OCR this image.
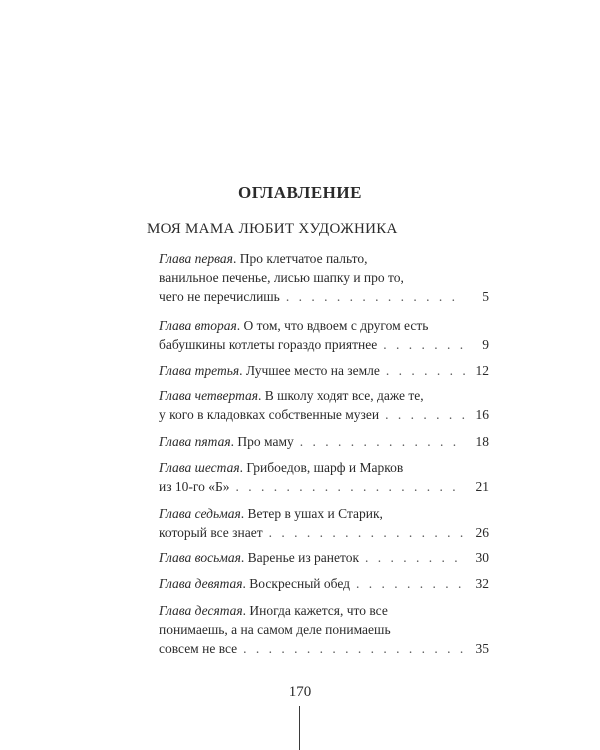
ОГЛАВЛЕНИЕ
МОЯ МАМА ЛЮБИТ ХУДОЖНИКА
Глава первая. Про клетчатое пальто,
ванильное печенье, лисью шапку и про то,
чего не перечислишь . . .	5
Глава вторая. О том, что вдвоем с другом есть
бабушкины котлеты гораздо приятнее . . .	9
Глава третья. Лучшее место на земле . . .	12
Глава четвертая. В школу ходят все, даже те,
у кого в кладовках собственные музеи . . .	16
Глава пятая. Про маму . . .	18
Глава шестая. Грибоедов, шарф и Марков
из 10-го «Б» . . .	21
Глава седьмая. Ветер в ушах и Старик,
который все знает . . .	26
Глава восьмая. Варенье из ранеток . . .	30
Глава девятая. Воскресный обед . . .	32
Глава десятая. Иногда кажется, что все
понимаешь, а на самом деле понимаешь
совсем не все . . .	35
170
